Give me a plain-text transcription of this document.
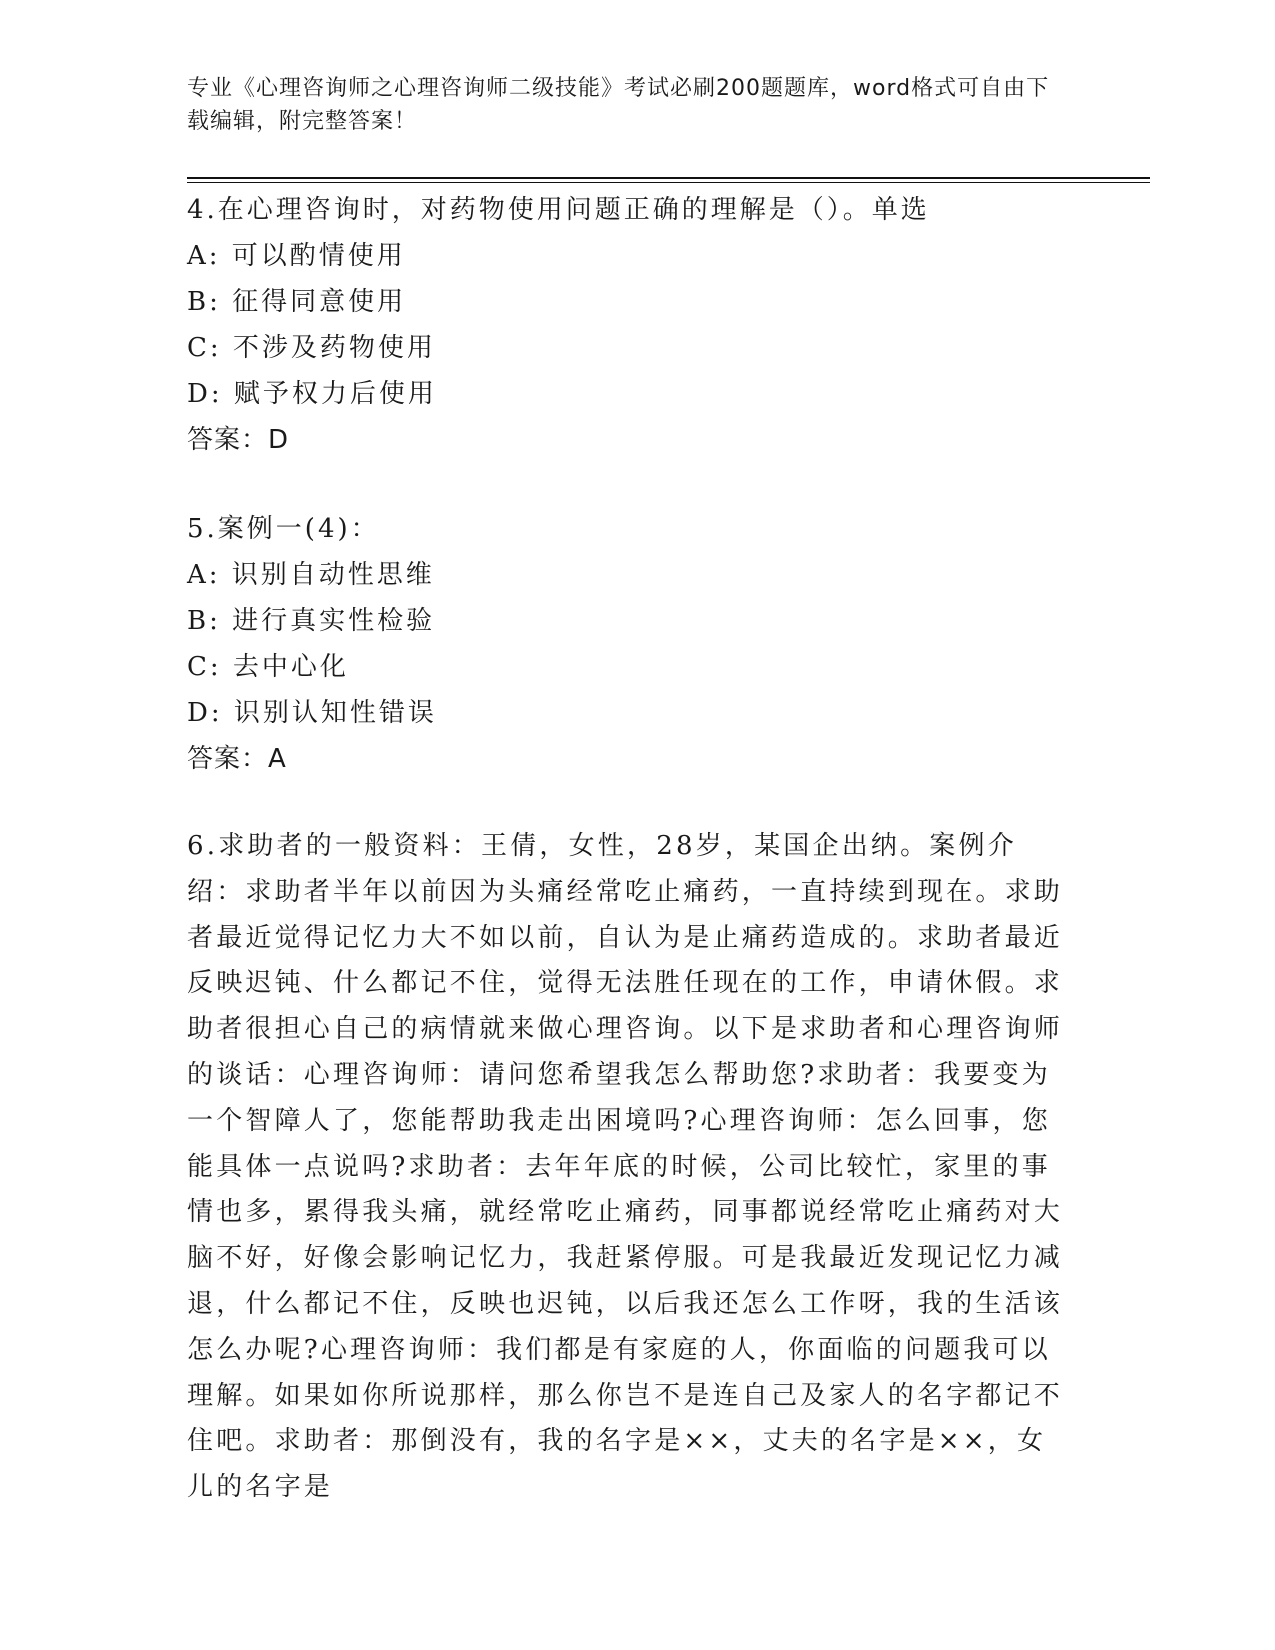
专业《心理咨询师之心理咨询师二级技能》考试必刷200题题库，word格式可自由下载编辑，附完整答案！
4.在心理咨询时，对药物使用问题正确的理解是（）。单选
A: 可以酌情使用
B: 征得同意使用
C: 不涉及药物使用
D: 赋予权力后使用
答案：D
5.案例一(4)：
A: 识别自动性思维
B: 进行真实性检验
C: 去中心化
D: 识别认知性错误
答案：A
6.求助者的一般资料：王倩，女性，28岁，某国企出纳。案例介绍：求助者半年以前因为头痛经常吃止痛药，一直持续到现在。求助者最近觉得记忆力大不如以前，自认为是止痛药造成的。求助者最近反映迟钝、什么都记不住，觉得无法胜任现在的工作，申请休假。求助者很担心自己的病情就来做心理咨询。以下是求助者和心理咨询师的谈话：心理咨询师：请问您希望我怎么帮助您?求助者：我要变为一个智障人了，您能帮助我走出困境吗?心理咨询师：怎么回事，您能具体一点说吗?求助者：去年年底的时候，公司比较忙，家里的事情也多，累得我头痛，就经常吃止痛药，同事都说经常吃止痛药对大脑不好，好像会影响记忆力，我赶紧停服。可是我最近发现记忆力减退，什么都记不住，反映也迟钝，以后我还怎么工作呀，我的生活该怎么办呢?心理咨询师：我们都是有家庭的人，你面临的问题我可以理解。如果如你所说那样，那么你岂不是连自己及家人的名字都记不住吧。求助者：那倒没有，我的名字是××，丈夫的名字是××，女儿的名字是
